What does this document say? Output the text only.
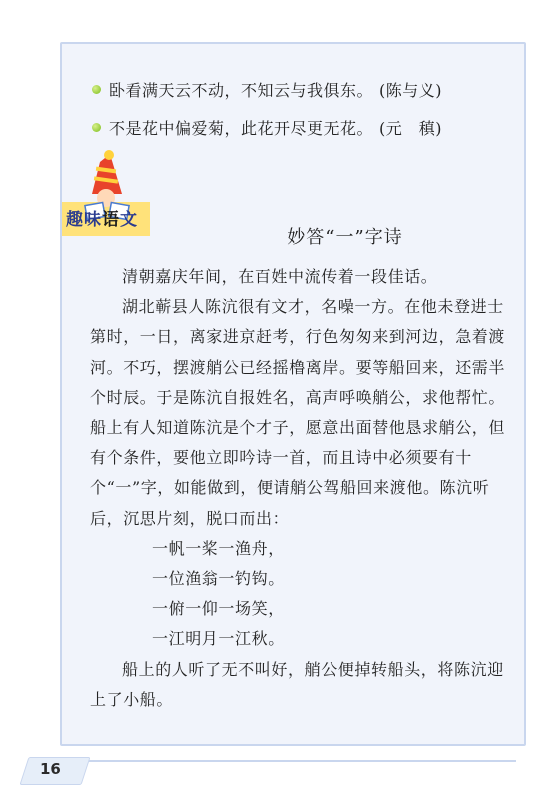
卧看满天云不动，不知云与我俱东。 (陈与义)
不是花中偏爱菊，此花开尽更无花。 (元　稹)
趣味语文
妙答“一”字诗

清朝嘉庆年间，在百姓中流传着一段佳话。

湖北蕲县人陈沆很有文才，名噪一方。在他未登进士第时，一日，离家进京赶考，行色匆匆来到河边，急着渡河。不巧，摆渡艄公已经摇橹离岸。要等船回来，还需半个时辰。于是陈沆自报姓名，高声呼唤艄公，求他帮忙。船上有人知道陈沆是个才子，愿意出面替他恳求艄公，但有个条件，要他立即吟诗一首，而且诗中必须要有十个“一”字，如能做到，便请艄公驾船回来渡他。陈沆听后，沉思片刻，脱口而出：

一帆一桨一渔舟，
一位渔翁一钓钩。
一俯一仰一场笑，
一江明月一江秋。

船上的人听了无不叫好，艄公便掉转船头，将陈沆迎上了小船。

16
